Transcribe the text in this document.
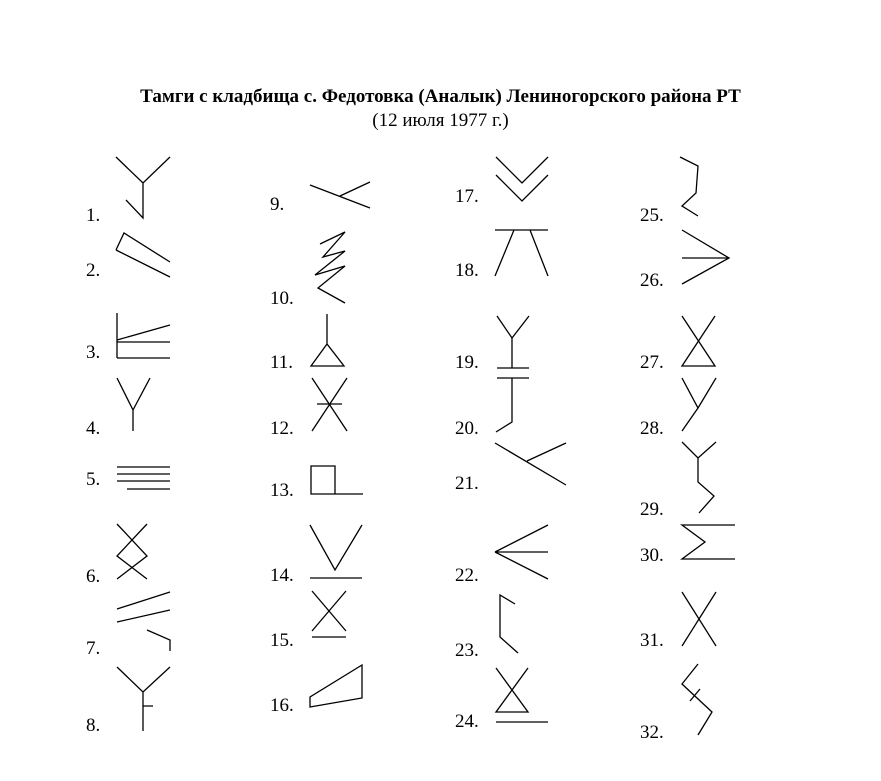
Тамги с кладбища с. Федотовка (Аналык) Лениногорского района РТ
(12 июля 1977 г.)
1.
2.
3.
4.
5.
6.
7.
8.
9.
10.
11.
12.
13.
14.
15.
16.
17.
18.
19.
20.
21.
22.
23.
24.
25.
26.
27.
28.
29.
30.
31.
32.
